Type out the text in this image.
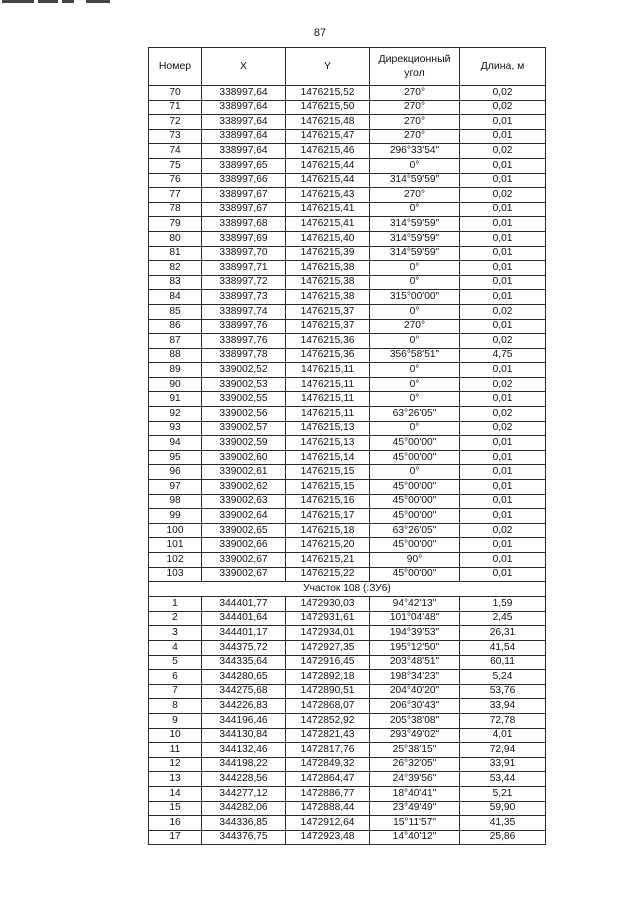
87
Номер	X	Y	Дирекционный угол	Длина, м
70	338997,64	1476215,52	270°	0,02
71	338997,64	1476215,50	270°	0,02
72	338997,64	1476215,48	270°	0,01
73	338997,64	1476215,47	270°	0,01
74	338997,64	1476215,46	296°33'54"	0,02
75	338997,65	1476215,44	0°	0,01
76	338997,66	1476215,44	314°59'59"	0,01
77	338997,67	1476215,43	270°	0,02
78	338997,67	1476215,41	0°	0,01
79	338997,68	1476215,41	314°59'59"	0,01
80	338997,69	1476215,40	314°59'59"	0,01
81	338997,70	1476215,39	314°59'59"	0,01
82	338997,71	1476215,38	0°	0,01
83	338997,72	1476215,38	0°	0,01
84	338997,73	1476215,38	315°00'00"	0,01
85	338997,74	1476215,37	0°	0,02
86	338997,76	1476215,37	270°	0,01
87	338997,76	1476215,36	0°	0,02
88	338997,78	1476215,36	356°58'51"	4,75
89	339002,52	1476215,11	0°	0,01
90	339002,53	1476215,11	0°	0,02
91	339002,55	1476215,11	0°	0,01
92	339002,56	1476215,11	63°26'05"	0,02
93	339002,57	1476215,13	0°	0,02
94	339002,59	1476215,13	45°00'00"	0,01
95	339002,60	1476215,14	45°00'00"	0,01
96	339002,61	1476215,15	0°	0,01
97	339002,62	1476215,15	45°00'00"	0,01
98	339002,63	1476215,16	45°00'00"	0,01
99	339002,64	1476215,17	45°00'00"	0,01
100	339002,65	1476215,18	63°26'05"	0,02
101	339002,66	1476215,20	45°00'00"	0,01
102	339002,67	1476215,21	90°	0,01
103	339002,67	1476215,22	45°00'00"	0,01
Участок 108 (:ЗУ6)				
1	344401,77	1472930,03	94°42'13"	1,59
2	344401,64	1472931,61	101°04'48"	2,45
3	344401,17	1472934,01	194°39'53"	26,31
4	344375,72	1472927,35	195°12'50"	41,54
5	344335,64	1472916,45	203°48'51"	60,11
6	344280,65	1472892,18	198°34'23"	5,24
7	344275,68	1472890,51	204°40'20"	53,76
8	344226,83	1472868,07	206°30'43"	33,94
9	344196,46	1472852,92	205°38'08"	72,78
10	344130,84	1472821,43	293°49'02"	4,01
11	344132,46	1472817,76	25°38'15"	72,94
12	344198,22	1472849,32	26°32'05"	33,91
13	344228,56	1472864,47	24°39'56"	53,44
14	344277,12	1472886,77	18°40'41"	5,21
15	344282,06	1472888,44	23°49'49"	59,90
16	344336,85	1472912,64	15°11'57"	41,35
17	344376,75	1472923,48	14°40'12"	25,86
